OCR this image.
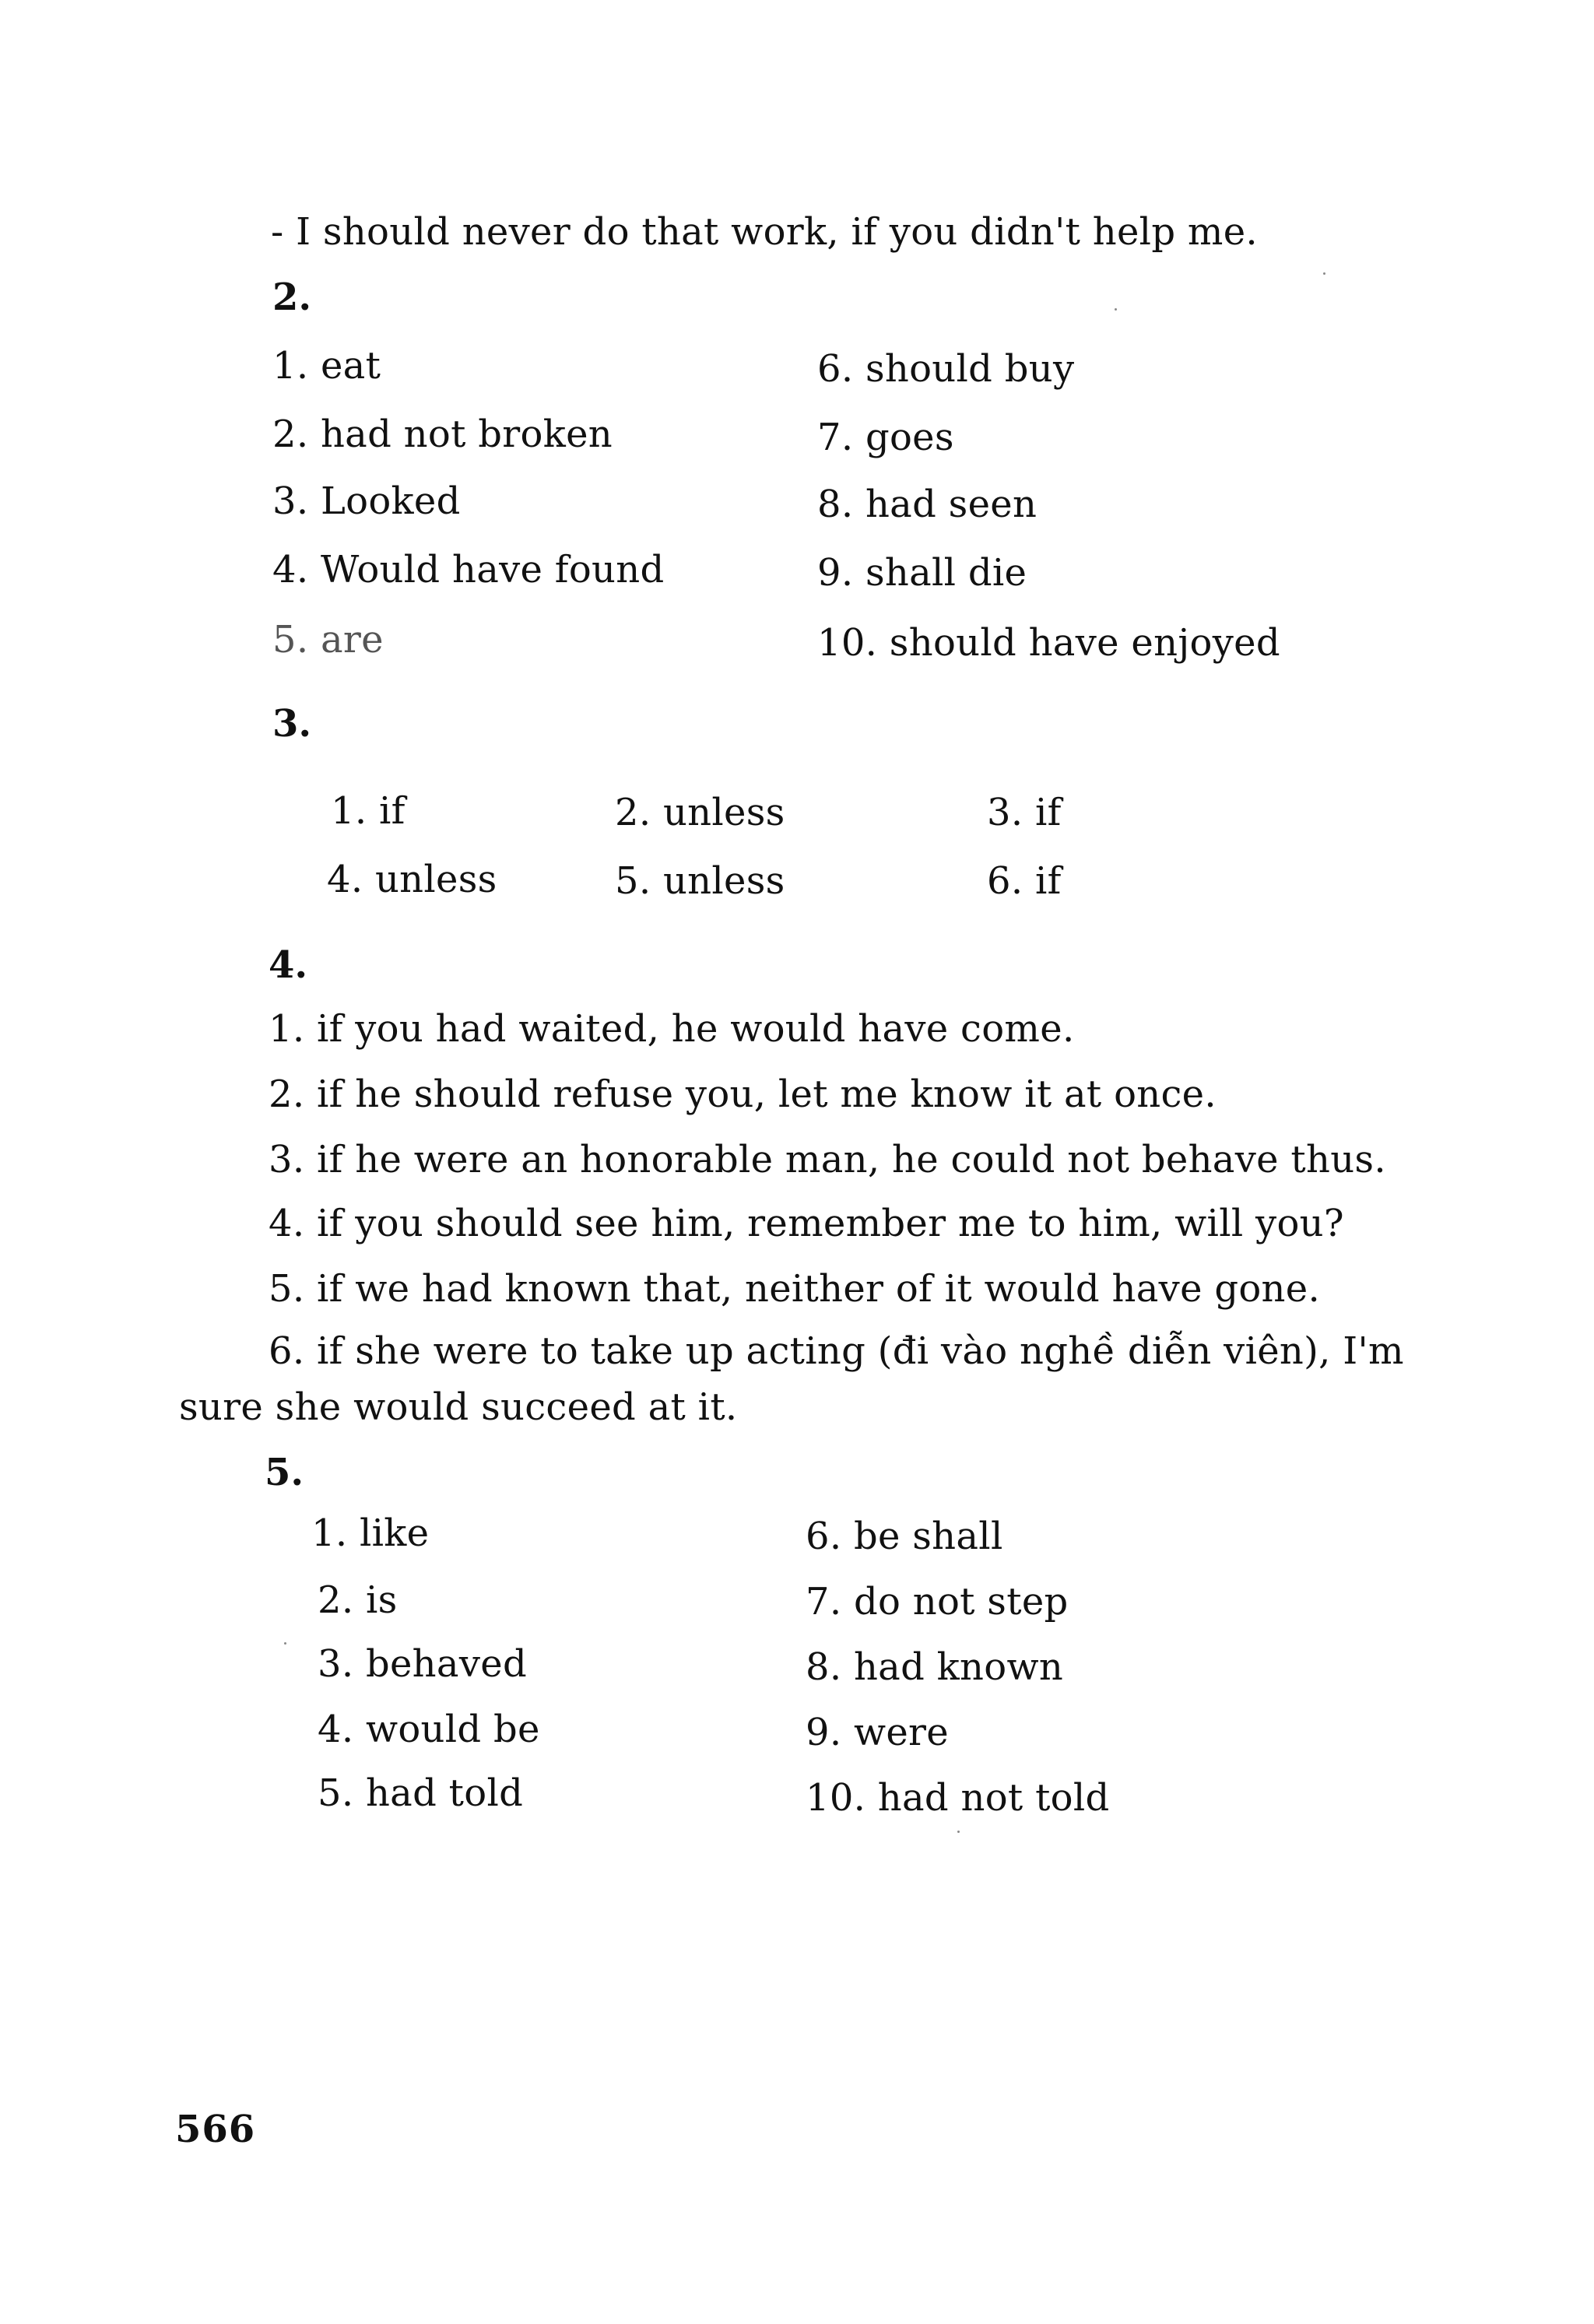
- I should never do that work, if you didn't help me.
2.
1. eat
2. had not broken
3. Looked
4. Would have found
5. are
6. should buy
7. goes
8. had seen
9. shall die
10. should have enjoyed
3.
1. if	2. unless	3. if
4. unless	5. unless	6. if
4.
1. if you had waited, he would have come.
2. if he should refuse you, let me know it at once.
3. if he were an honorable man, he could not behave thus.
4. if you should see him, remember me to him, will you?
5. if we had known that, neither of it would have gone.
6. if she were to take up acting (đi vào nghề diễn viên), I'm
sure she would succeed at it.
5.
1. like
2. is
3. behaved
4. would be
5. had told
6. be shall
7. do not step
8. had known
9. were
10. had not told
566
